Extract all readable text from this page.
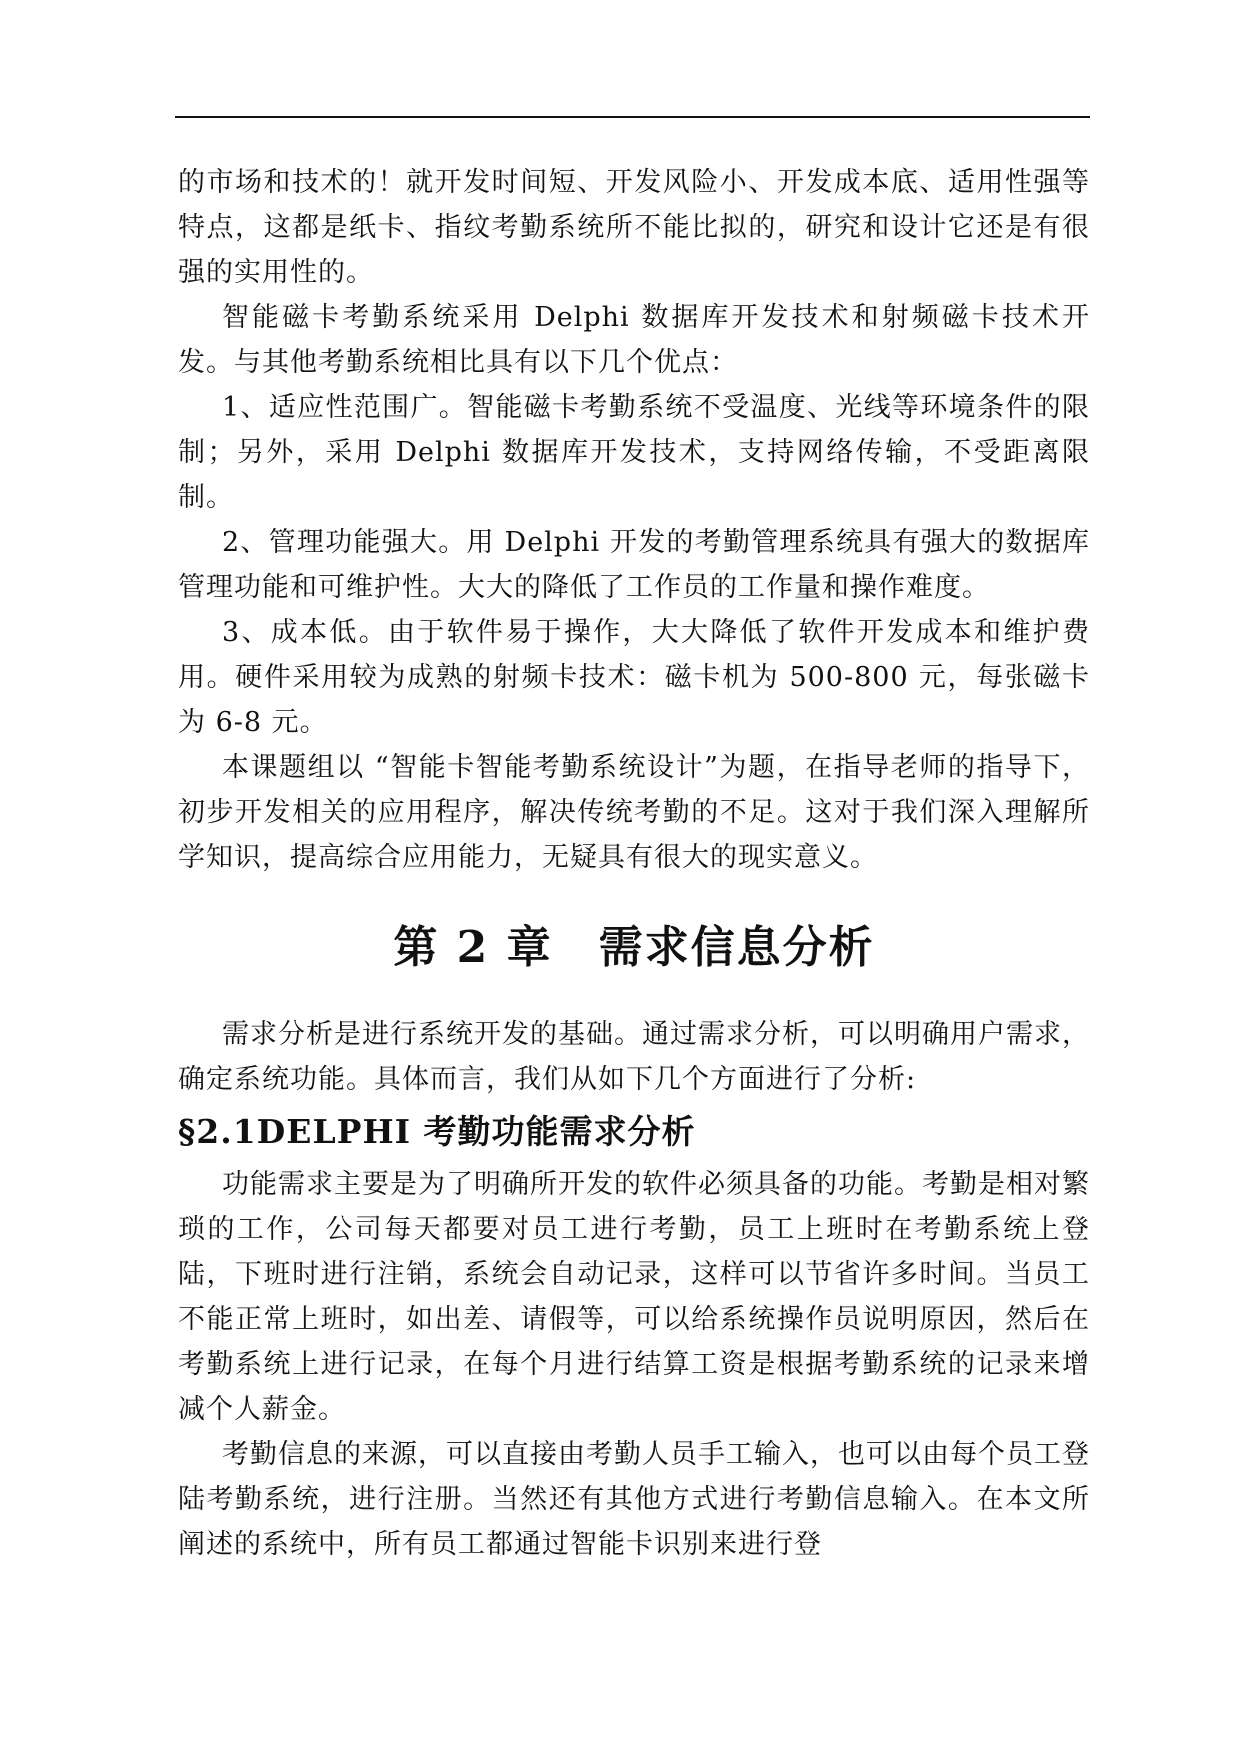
的市场和技术的！就开发时间短、开发风险小、开发成本底、适用性强等特点，这都是纸卡、指纹考勤系统所不能比拟的，研究和设计它还是有很强的实用性的。

智能磁卡考勤系统采用 Delphi 数据库开发技术和射频磁卡技术开发。与其他考勤系统相比具有以下几个优点：

1、适应性范围广。智能磁卡考勤系统不受温度、光线等环境条件的限制；另外，采用 Delphi 数据库开发技术，支持网络传输，不受距离限制。

2、管理功能强大。用 Delphi 开发的考勤管理系统具有强大的数据库管理功能和可维护性。大大的降低了工作员的工作量和操作难度。

3、成本低。由于软件易于操作，大大降低了软件开发成本和维护费用。硬件采用较为成熟的射频卡技术：磁卡机为 500-800 元，每张磁卡为 6-8 元。

本课题组以 “智能卡智能考勤系统设计”为题，在指导老师的指导下，初步开发相关的应用程序，解决传统考勤的不足。这对于我们深入理解所学知识，提高综合应用能力，无疑具有很大的现实意义。

第 2 章　需求信息分析

需求分析是进行系统开发的基础。通过需求分析，可以明确用户需求，确定系统功能。具体而言，我们从如下几个方面进行了分析:

§2.1DELPHI 考勤功能需求分析

功能需求主要是为了明确所开发的软件必须具备的功能。考勤是相对繁琐的工作，公司每天都要对员工进行考勤，员工上班时在考勤系统上登陆，下班时进行注销，系统会自动记录，这样可以节省许多时间。当员工不能正常上班时，如出差、请假等，可以给系统操作员说明原因，然后在考勤系统上进行记录，在每个月进行结算工资是根据考勤系统的记录来增减个人薪金。

考勤信息的来源，可以直接由考勤人员手工输入，也可以由每个员工登陆考勤系统，进行注册。当然还有其他方式进行考勤信息输入。在本文所阐述的系统中，所有员工都通过智能卡识别来进行登
